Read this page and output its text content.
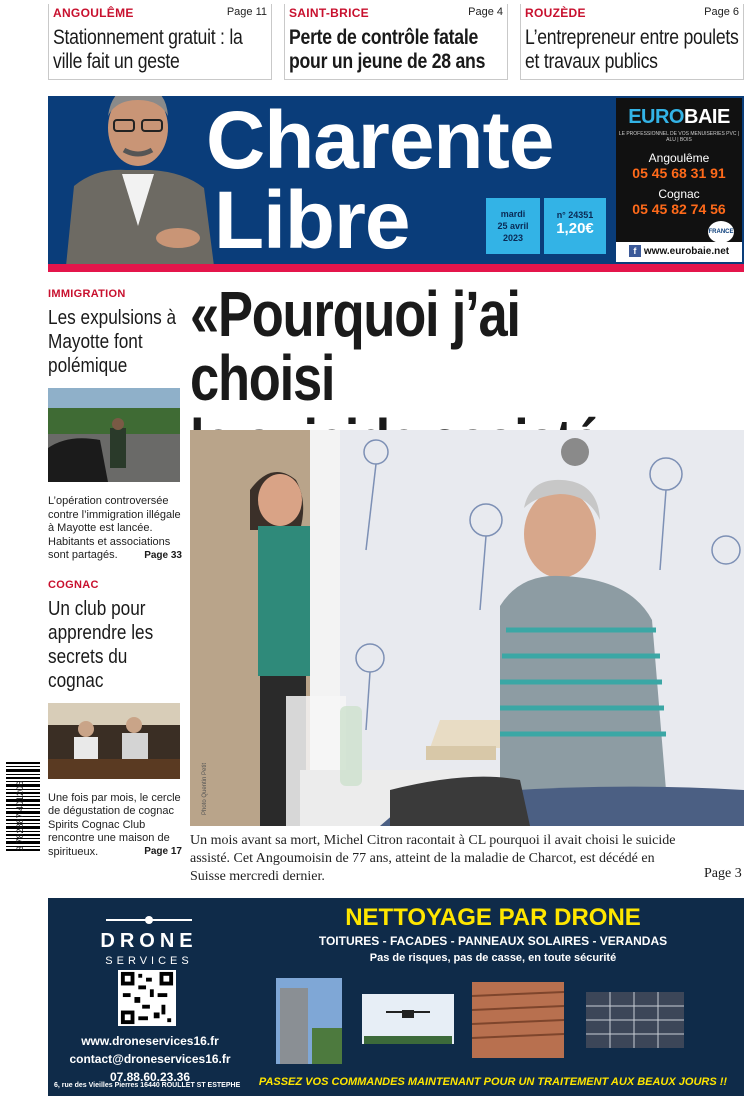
ANGOULÊME	Page 11
Stationnement gratuit : la ville fait un geste
SAINT-BRICE	Page 4
Perte de contrôle fatale pour un jeune de 28 ans
ROUZÈDE	Page 6
L’entrepreneur entre poulets et travaux publics
Charente
Libre	mardi
25 avril
2023
n° 24351
1,20€
EUROBAIE
LE PROFESSIONNEL DE VOS MENUISERIES PVC | ALU | BOIS
Angoulême
05 45 68 31 91
Cognac
05 45 82 74 56
FRANCE
f www.eurobaie.net
IMMIGRATION
Les expulsions à Mayotte font polémique
L’opération controversée contre l’immigration illégale à Mayotte est lancée. Habitants et associations sont partagés.	Page 33
COGNAC
Un club pour apprendre les secrets du cognac
Une fois par mois, le cercle de dégustation de cognac Spirits Cognac Club rencontre une maison de spiritueux.	Page 17
3 782887 401206
«Pourquoi j’ai choisi
Photo Quentin Petit
Un mois avant sa mort, Michel Citron racontait à CL pourquoi il avait choisi le suicide assisté. Cet Angoumoisin de 77 ans, atteint de la maladie de Charcot, est décédé en Suisse mercredi dernier.	Page 3
DRONE
SERVICES
www.droneservices16.fr
contact@droneservices16.fr
07.88.60.23.36
6, rue des Vieilles Pierres 16440 ROULLET ST ESTEPHE
NETTOYAGE PAR DRONE
TOITURES - FACADES - PANNEAUX SOLAIRES - VERANDAS
Pas de risques, pas de casse, en toute sécurité
PASSEZ VOS COMMANDES MAINTENANT POUR UN TRAITEMENT AUX BEAUX JOURS !!
